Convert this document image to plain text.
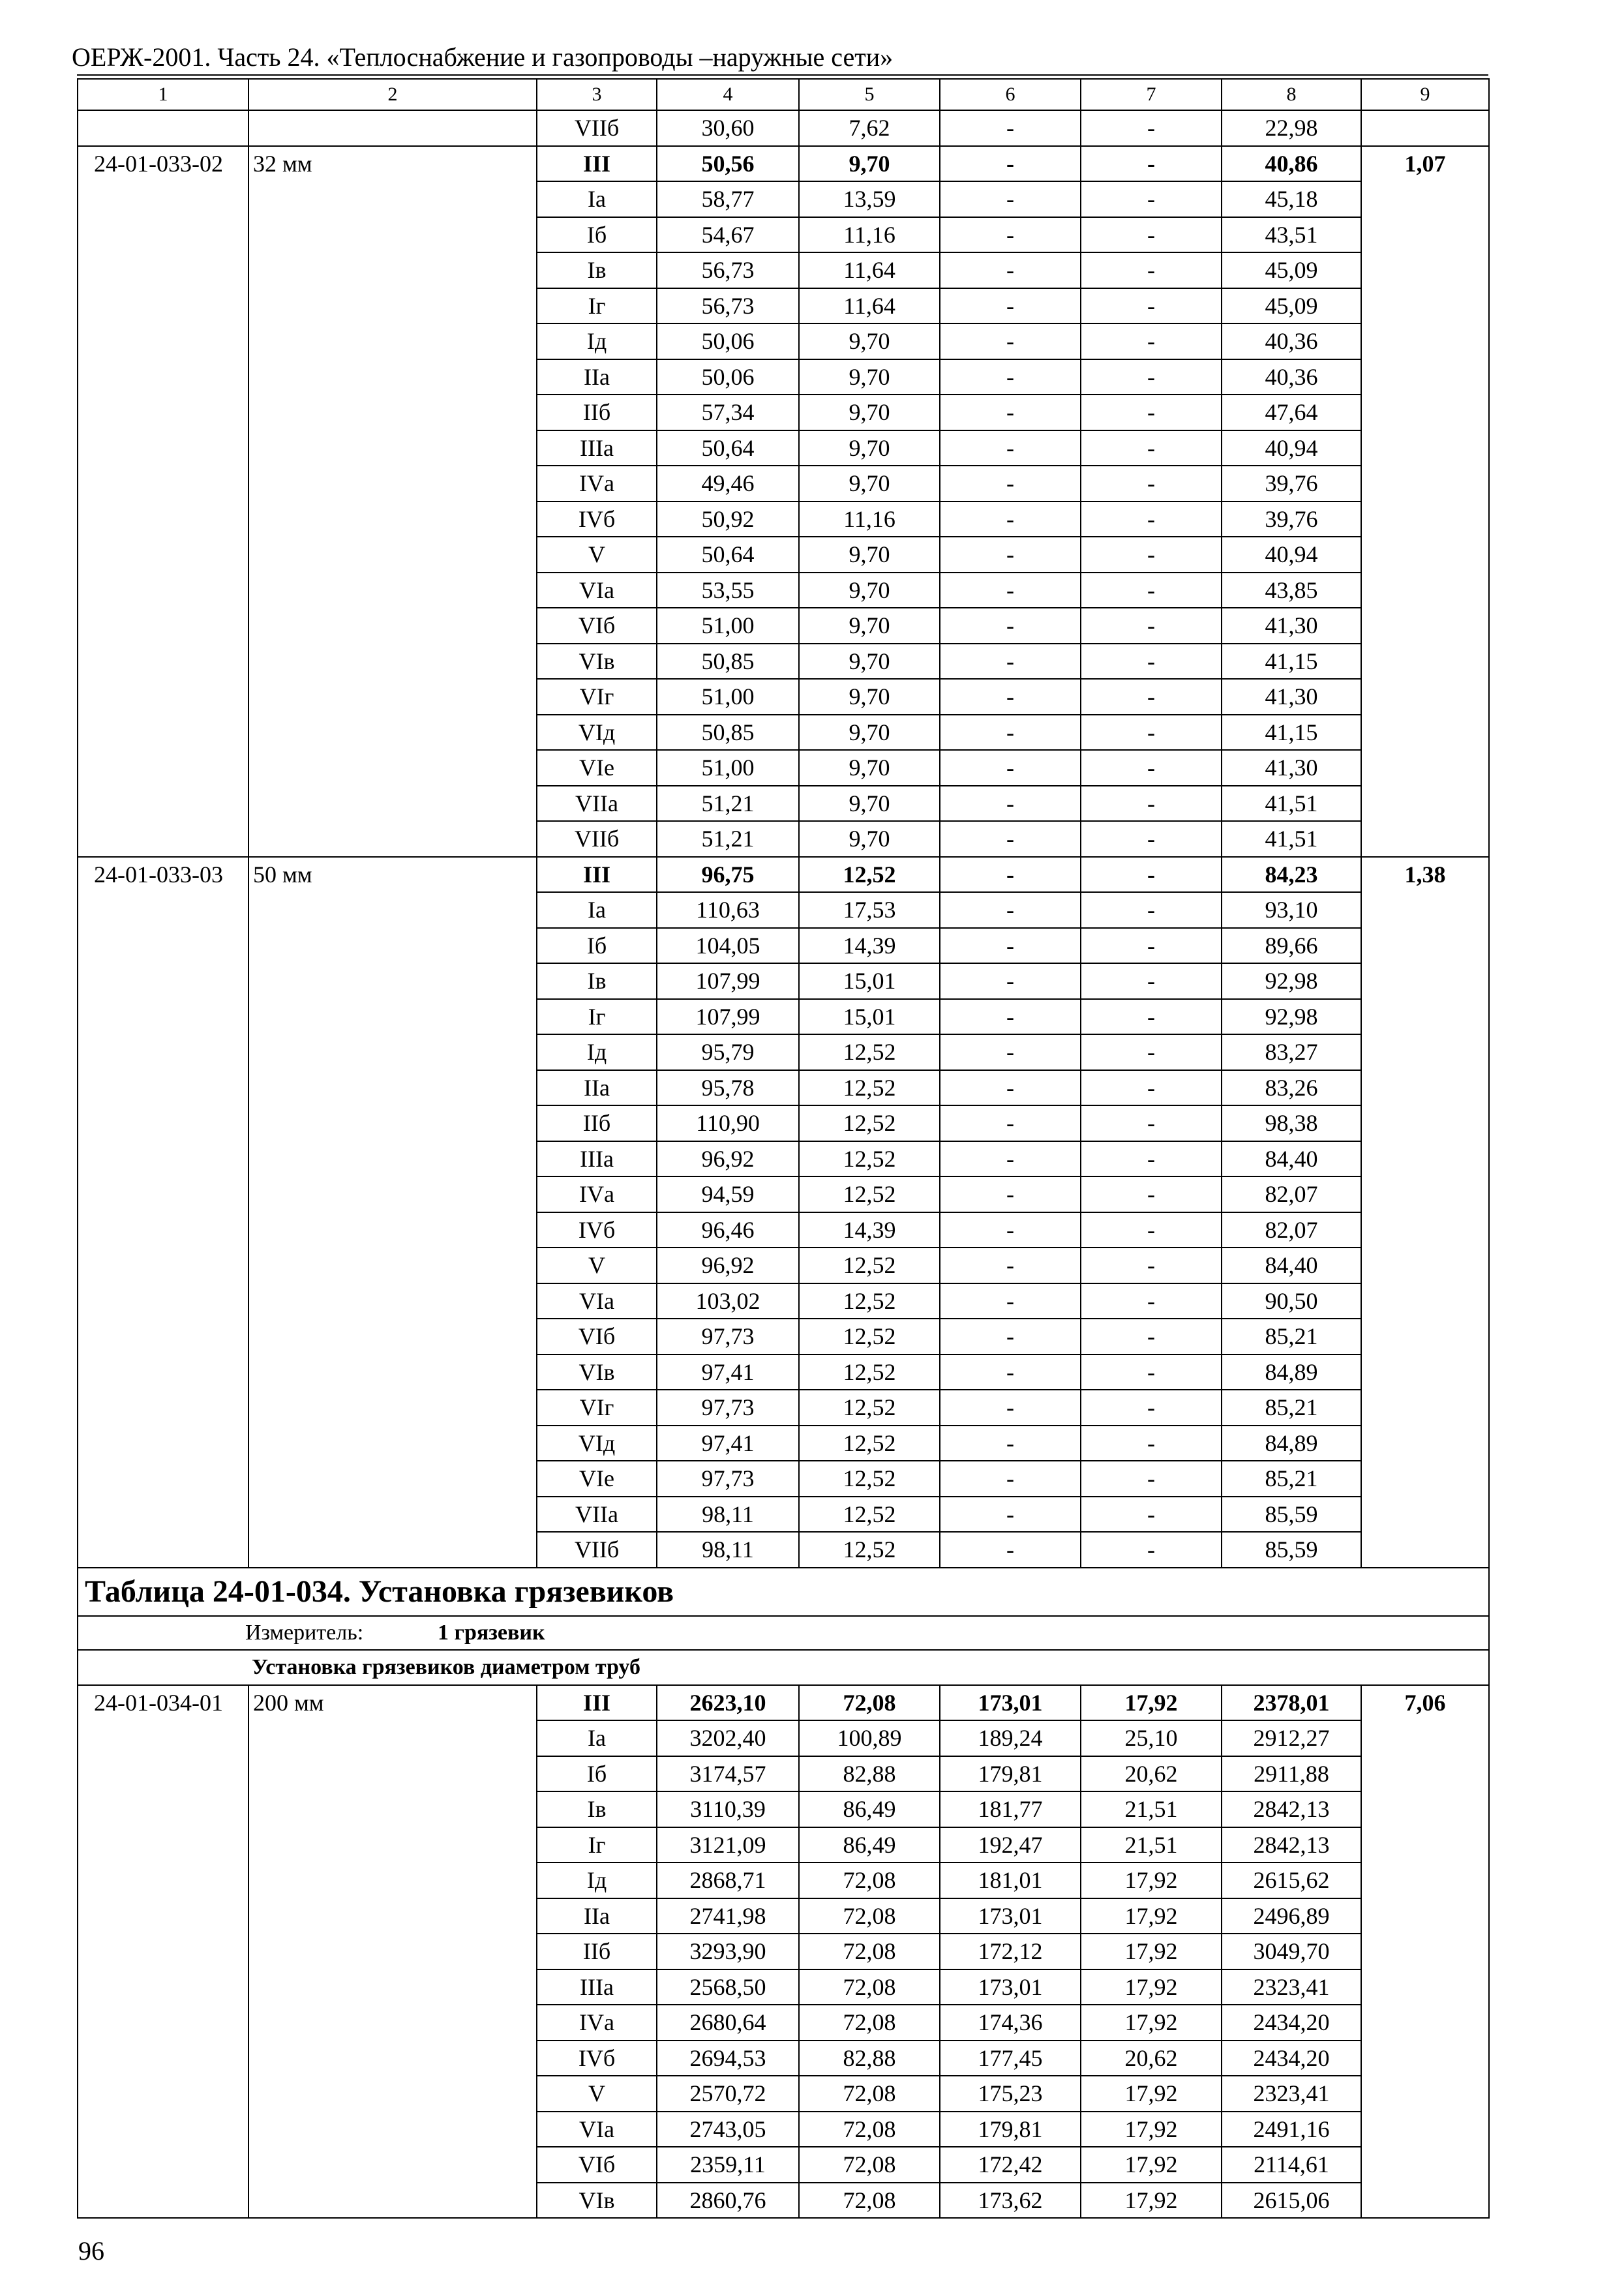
ОЕРЖ-2001. Часть 24. «Теплоснабжение и газопроводы –наружные сети»
1	2	3	4	5	6	7	8	9
		VIIб	30,60	7,62	-	-	22,98	
24-01-033-02	32 мм	III	50,56	9,70	-	-	40,86	1,07
		Iа	58,77	13,59	-	-	45,18	
		Iб	54,67	11,16	-	-	43,51	
		Iв	56,73	11,64	-	-	45,09	
		Iг	56,73	11,64	-	-	45,09	
		Iд	50,06	9,70	-	-	40,36	
		IIа	50,06	9,70	-	-	40,36	
		IIб	57,34	9,70	-	-	47,64	
		IIIа	50,64	9,70	-	-	40,94	
		IVа	49,46	9,70	-	-	39,76	
		IVб	50,92	11,16	-	-	39,76	
		V	50,64	9,70	-	-	40,94	
		VIа	53,55	9,70	-	-	43,85	
		VIб	51,00	9,70	-	-	41,30	
		VIв	50,85	9,70	-	-	41,15	
		VIг	51,00	9,70	-	-	41,30	
		VIд	50,85	9,70	-	-	41,15	
		VIе	51,00	9,70	-	-	41,30	
		VIIа	51,21	9,70	-	-	41,51	
		VIIб	51,21	9,70	-	-	41,51	
24-01-033-03	50 мм	III	96,75	12,52	-	-	84,23	1,38
		Iа	110,63	17,53	-	-	93,10	
		Iб	104,05	14,39	-	-	89,66	
		Iв	107,99	15,01	-	-	92,98	
		Iг	107,99	15,01	-	-	92,98	
		Iд	95,79	12,52	-	-	83,27	
		IIа	95,78	12,52	-	-	83,26	
		IIб	110,90	12,52	-	-	98,38	
		IIIа	96,92	12,52	-	-	84,40	
		IVа	94,59	12,52	-	-	82,07	
		IVб	96,46	14,39	-	-	82,07	
		V	96,92	12,52	-	-	84,40	
		VIа	103,02	12,52	-	-	90,50	
		VIб	97,73	12,52	-	-	85,21	
		VIв	97,41	12,52	-	-	84,89	
		VIг	97,73	12,52	-	-	85,21	
		VIд	97,41	12,52	-	-	84,89	
		VIе	97,73	12,52	-	-	85,21	
		VIIа	98,11	12,52	-	-	85,59	
		VIIб	98,11	12,52	-	-	85,59	
Таблица 24-01-034. Установка грязевиков								
Измеритель: 1 грязевик								
Установка грязевиков диаметром труб								
24-01-034-01	200 мм	III	2623,10	72,08	173,01	17,92	2378,01	7,06
		Iа	3202,40	100,89	189,24	25,10	2912,27	
		Iб	3174,57	82,88	179,81	20,62	2911,88	
		Iв	3110,39	86,49	181,77	21,51	2842,13	
		Iг	3121,09	86,49	192,47	21,51	2842,13	
		Iд	2868,71	72,08	181,01	17,92	2615,62	
		IIа	2741,98	72,08	173,01	17,92	2496,89	
		IIб	3293,90	72,08	172,12	17,92	3049,70	
		IIIа	2568,50	72,08	173,01	17,92	2323,41	
		IVа	2680,64	72,08	174,36	17,92	2434,20	
		IVб	2694,53	82,88	177,45	20,62	2434,20	
		V	2570,72	72,08	175,23	17,92	2323,41	
		VIа	2743,05	72,08	179,81	17,92	2491,16	
		VIб	2359,11	72,08	172,42	17,92	2114,61	
		VIв	2860,76	72,08	173,62	17,92	2615,06	
96
